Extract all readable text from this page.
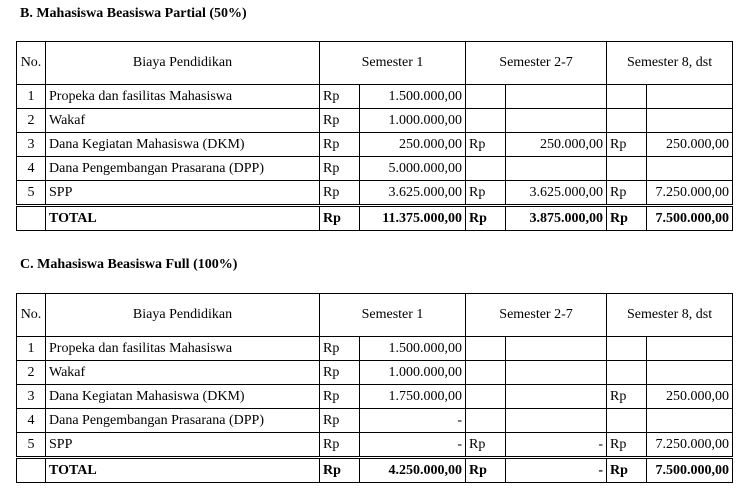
B. Mahasiswa Beasiswa Partial (50%)
No.	Biaya Pendidikan	Semester 1		Semester 2-7		Semester 8, dst	
1	Propeka dan fasilitas Mahasiswa	Rp	1.500.000,00				
2	Wakaf	Rp	1.000.000,00				
3	Dana Kegiatan Mahasiswa (DKM)	Rp	250.000,00	Rp	250.000,00	Rp	250.000,00
4	Dana Pengembangan Prasarana (DPP)	Rp	5.000.000,00				
5	SPP	Rp	3.625.000,00	Rp	3.625.000,00	Rp	7.250.000,00
	TOTAL	Rp	11.375.000,00	Rp	3.875.000,00	Rp	7.500.000,00
C. Mahasiswa Beasiswa Full (100%)
No.	Biaya Pendidikan	Semester 1		Semester 2-7		Semester 8, dst	
1	Propeka dan fasilitas Mahasiswa	Rp	1.500.000,00				
2	Wakaf	Rp	1.000.000,00				
3	Dana Kegiatan Mahasiswa (DKM)	Rp	1.750.000,00			Rp	250.000,00
4	Dana Pengembangan Prasarana (DPP)	Rp	-				
5	SPP	Rp	-	Rp	-	Rp	7.250.000,00
	TOTAL	Rp	4.250.000,00	Rp	-	Rp	7.500.000,00
